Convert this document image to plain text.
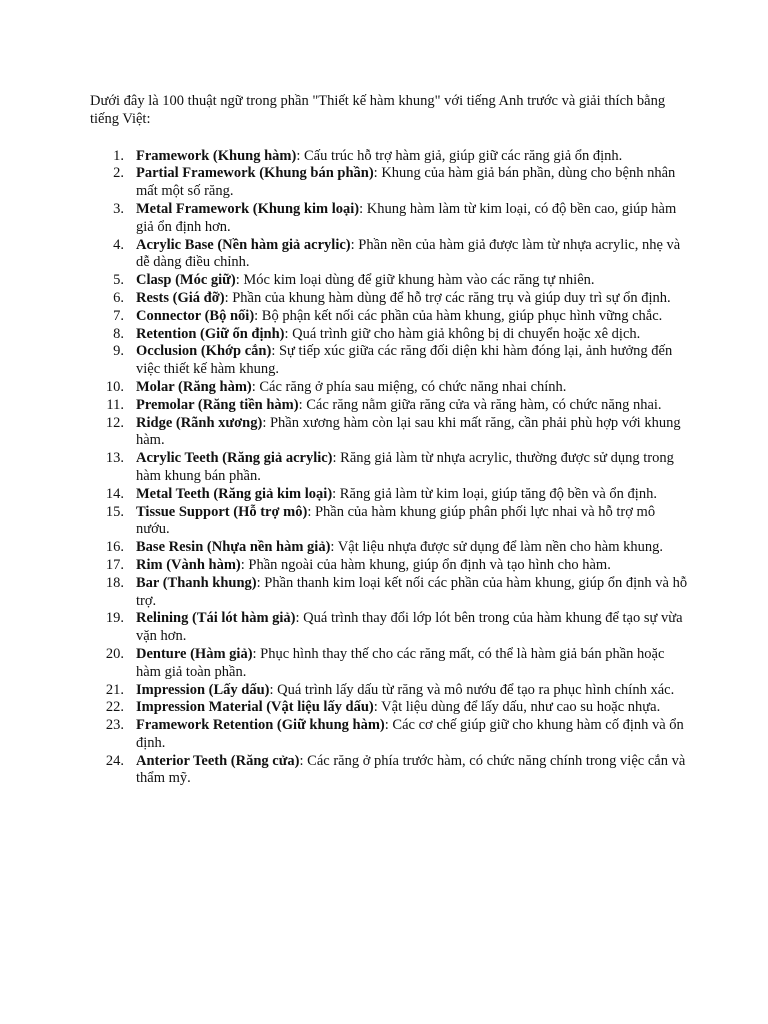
Dưới đây là 100 thuật ngữ trong phần "Thiết kế hàm khung" với tiếng Anh trước và giải thích bằng tiếng Việt:

1. Framework (Khung hàm): Cấu trúc hỗ trợ hàm giả, giúp giữ các răng giả ổn định.
2. Partial Framework (Khung bán phần): Khung của hàm giả bán phần, dùng cho bệnh nhân mất một số răng.
3. Metal Framework (Khung kim loại): Khung hàm làm từ kim loại, có độ bền cao, giúp hàm giả ổn định hơn.
4. Acrylic Base (Nền hàm giả acrylic): Phần nền của hàm giả được làm từ nhựa acrylic, nhẹ và dễ dàng điều chỉnh.
5. Clasp (Móc giữ): Móc kim loại dùng để giữ khung hàm vào các răng tự nhiên.
6. Rests (Giá đỡ): Phần của khung hàm dùng để hỗ trợ các răng trụ và giúp duy trì sự ổn định.
7. Connector (Bộ nối): Bộ phận kết nối các phần của hàm khung, giúp phục hình vững chắc.
8. Retention (Giữ ổn định): Quá trình giữ cho hàm giả không bị di chuyển hoặc xê dịch.
9. Occlusion (Khớp cắn): Sự tiếp xúc giữa các răng đối diện khi hàm đóng lại, ảnh hưởng đến việc thiết kế hàm khung.
10. Molar (Răng hàm): Các răng ở phía sau miệng, có chức năng nhai chính.
11. Premolar (Răng tiền hàm): Các răng nằm giữa răng cửa và răng hàm, có chức năng nhai.
12. Ridge (Rãnh xương): Phần xương hàm còn lại sau khi mất răng, cần phải phù hợp với khung hàm.
13. Acrylic Teeth (Răng giả acrylic): Răng giả làm từ nhựa acrylic, thường được sử dụng trong hàm khung bán phần.
14. Metal Teeth (Răng giả kim loại): Răng giả làm từ kim loại, giúp tăng độ bền và ổn định.
15. Tissue Support (Hỗ trợ mô): Phần của hàm khung giúp phân phối lực nhai và hỗ trợ mô nướu.
16. Base Resin (Nhựa nền hàm giả): Vật liệu nhựa được sử dụng để làm nền cho hàm khung.
17. Rim (Vành hàm): Phần ngoài của hàm khung, giúp ổn định và tạo hình cho hàm.
18. Bar (Thanh khung): Phần thanh kim loại kết nối các phần của hàm khung, giúp ổn định và hỗ trợ.
19. Relining (Tái lót hàm giả): Quá trình thay đổi lớp lót bên trong của hàm khung để tạo sự vừa vặn hơn.
20. Denture (Hàm giả): Phục hình thay thế cho các răng mất, có thể là hàm giả bán phần hoặc hàm giả toàn phần.
21. Impression (Lấy dấu): Quá trình lấy dấu từ răng và mô nướu để tạo ra phục hình chính xác.
22. Impression Material (Vật liệu lấy dấu): Vật liệu dùng để lấy dấu, như cao su hoặc nhựa.
23. Framework Retention (Giữ khung hàm): Các cơ chế giúp giữ cho khung hàm cố định và ổn định.
24. Anterior Teeth (Răng cửa): Các răng ở phía trước hàm, có chức năng chính trong việc cắn và thẩm mỹ.
